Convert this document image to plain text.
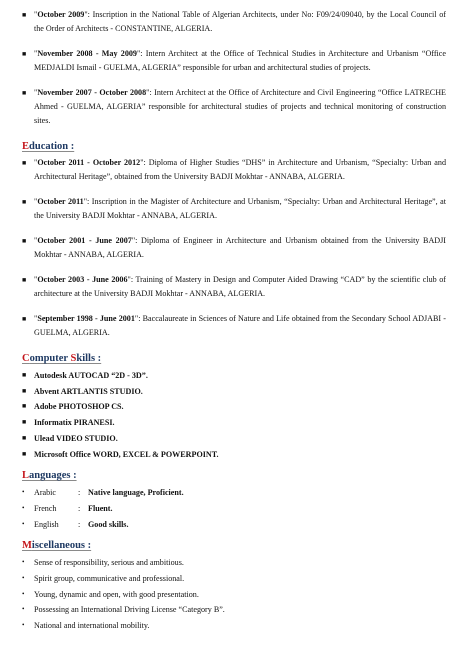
■ "October 2009": Inscription in the National Table of Algerian Architects, under No: F09/24/09040, by the Local Council of the Order of Architects - CONSTANTINE, ALGERIA.
■ "November 2008 - May 2009": Intern Architect at the Office of Technical Studies in Architecture and Urbanism “Office MEDJALDI Ismail - GUELMA, ALGERIA” responsible for urban and architectural studies of projects.
■ "November 2007 - October 2008": Intern Architect at the Office of Architecture and Civil Engineering “Office LATRECHE Ahmed - GUELMA, ALGERIA” responsible for architectural studies of projects and technical monitoring of construction sites.
Education :
■ "October 2011 - October 2012": Diploma of Higher Studies “DHS” in Architecture and Urbanism, “Specialty: Urban and Architectural Heritage”, obtained from the University BADJI Mokhtar - ANNABA, ALGERIA.
■ "October 2011": Inscription in the Magister of Architecture and Urbanism, “Specialty: Urban and Architectural Heritage”, at the University BADJI Mokhtar - ANNABA, ALGERIA.
■ "October 2001 - June 2007": Diploma of Engineer in Architecture and Urbanism obtained from the University BADJI Mokhtar - ANNABA, ALGERIA.
■ "October 2003 - June 2006": Training of Mastery in Design and Computer Aided Drawing “CAD” by the scientific club of architecture at the University BADJI Mokhtar - ANNABA, ALGERIA.
■ "September 1998 - June 2001": Baccalaureate in Sciences of Nature and Life obtained from the Secondary School ADJABI - GUELMA, ALGERIA.
Computer Skills :
■ Autodesk AUTOCAD “2D - 3D”.
■ Abvent ARTLANTIS STUDIO.
■ Adobe PHOTOSHOP CS.
■ Informatix PIRANESI.
■ Ulead VIDEO STUDIO.
■ Microsoft Office WORD, EXCEL & POWERPOINT.
Languages :
•	Arabic	: Native language, Proficient.
•	French	: Fluent.
•	English	: Good skills.
Miscellaneous :
•	Sense of responsibility, serious and ambitious.
•	Spirit group, communicative and professional.
•	Young, dynamic and open, with good presentation.
•	Possessing an International Driving License “Category B”.
•	National and international mobility.
